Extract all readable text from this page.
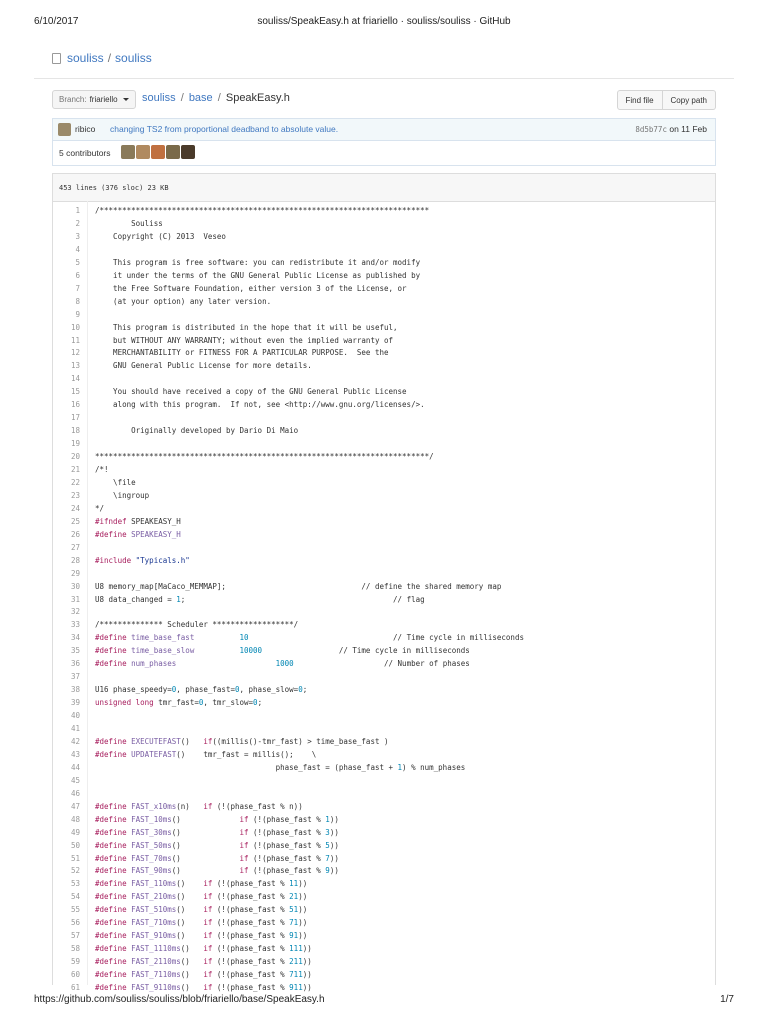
6/10/2017	souliss/SpeakEasy.h at friariello · souliss/souliss · GitHub
souliss / souliss
Branch: friariello souliss / base / SpeakEasy.h	Find file	Copy path
ribico changing TS2 from proportional deadband to absolute value.	8d5b77c on 11 Feb
5 contributors
453 lines (376 sloc) 23 KB
1 /*************************************************************************
2 Souliss
3 Copyright (C) 2013  Veseo
4
5 This program is free software: you can redistribute it and/or modify
6 it under the terms of the GNU General Public License as published by
7 the Free Software Foundation, either version 3 of the License, or
8 (at your option) any later version.
9
10 This program is distributed in the hope that it will be useful,
11 but WITHOUT ANY WARRANTY; without even the implied warranty of
12 MERCHANTABILITY or FITNESS FOR A PARTICULAR PURPOSE.  See the
13 GNU General Public License for more details.
14
15 You should have received a copy of the GNU General Public License
16 along with this program.  If not, see <http://www.gnu.org/licenses/>.
17
18 Originally developed by Dario Di Maio
19
20 **************************************************************************/
21 /*!
22 \file
23 \ingroup
24 */
25 #ifndef SPEAKEASY_H
26 #define SPEAKEASY_H
27
28 #include "Typicals.h"
29
30 U8 memory_map[MaCaco_MEMMAP];                              // define the shared memory map
31 U8 data_changed = 1;                                              // flag
32
33 /************** Scheduler ******************/
34 #define time_base_fast	10                                // Time cycle in milliseconds
35 #define time_base_slow	10000                 // Time cycle in milliseconds
36 #define num_phases	1000                    // Number of phases
37
38 U16 phase_speedy=0, phase_fast=0, phase_slow=0;
39 unsigned long tmr_fast=0, tmr_slow=0;
40
41
42 #define EXECUTEFAST()   if((millis()-tmr_fast) > time_base_fast )
43 #define UPDATEFAST()    tmr_fast = millis();    \
44 phase_fast = (phase_fast + 1) % num_phases
45
46
47 #define FAST_x10ms(n)   if (!(phase_fast % n))
48 #define FAST_10ms()             if (!(phase_fast % 1))
49 #define FAST_30ms()             if (!(phase_fast % 3))
50 #define FAST_50ms()             if (!(phase_fast % 5))
51 #define FAST_70ms()             if (!(phase_fast % 7))
52 #define FAST_90ms()             if (!(phase_fast % 9))
53 #define FAST_110ms()    if (!(phase_fast % 11))
54 #define FAST_210ms()    if (!(phase_fast % 21))
55 #define FAST_510ms()    if (!(phase_fast % 51))
56 #define FAST_710ms()    if (!(phase_fast % 71))
57 #define FAST_910ms()    if (!(phase_fast % 91))
58 #define FAST_1110ms()   if (!(phase_fast % 111))
59 #define FAST_2110ms()   if (!(phase_fast % 211))
60 #define FAST_7110ms()   if (!(phase_fast % 711))
61 #define FAST_9110ms()   if (!(phase_fast % 911))
https://github.com/souliss/souliss/blob/friariello/base/SpeakEasy.h	1/7
